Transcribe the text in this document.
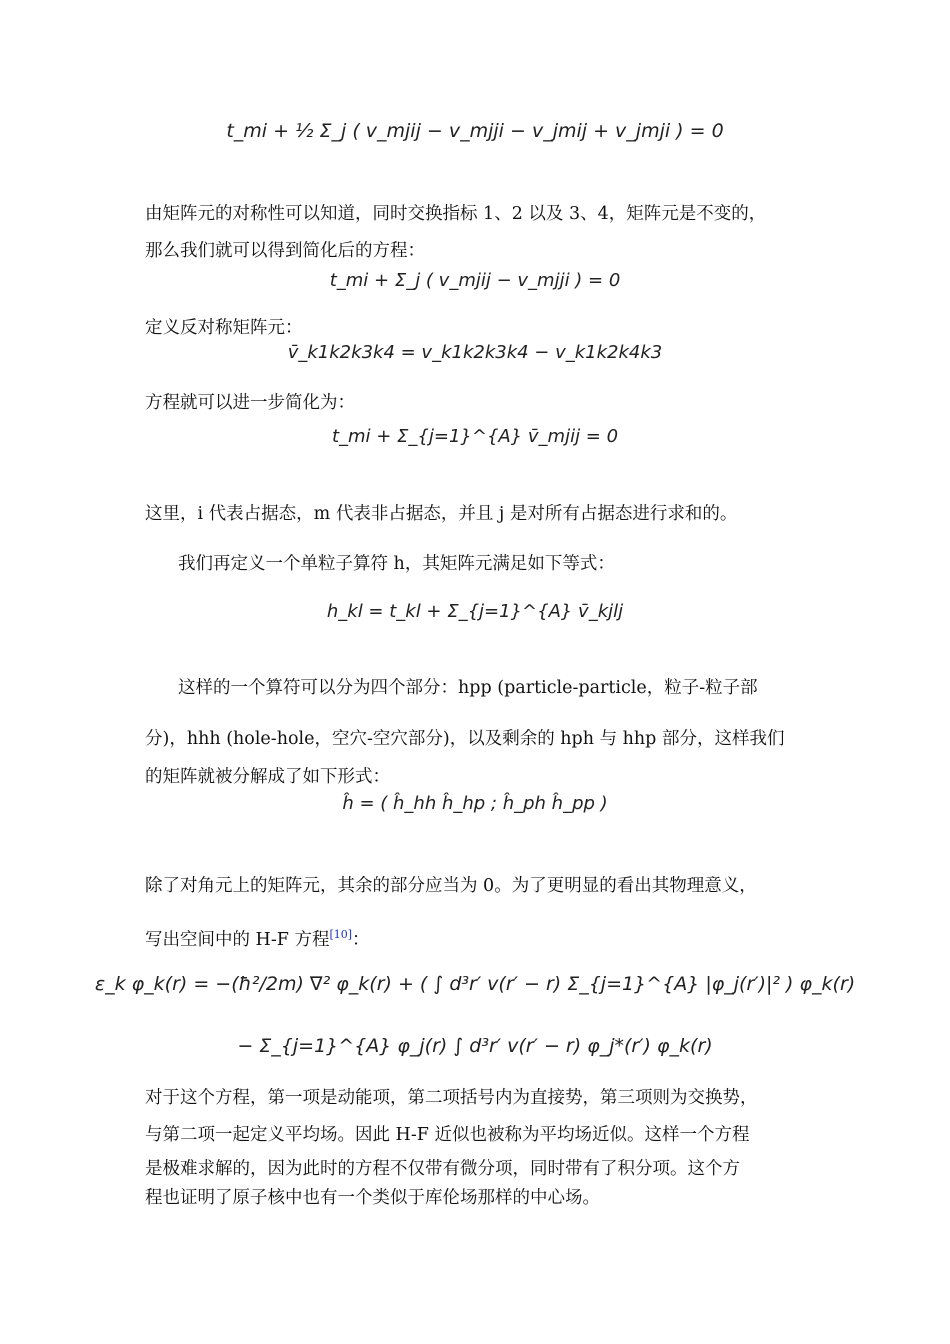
t_mi + ½ Σ_j ( v_mjij − v_mjji − v_jmij + v_jmji ) = 0
由矩阵元的对称性可以知道，同时交换指标 1、2 以及 3、4，矩阵元是不变的，
那么我们就可以得到简化后的方程：
t_mi + Σ_j ( v_mjij − v_mjji ) = 0
定义反对称矩阵元：
v̄_k1k2k3k4 = v_k1k2k3k4 − v_k1k2k4k3
方程就可以进一步简化为：
t_mi + Σ_{j=1}^{A} v̄_mjij = 0
这里，i 代表占据态，m 代表非占据态，并且 j 是对所有占据态进行求和的。
我们再定义一个单粒子算符 h，其矩阵元满足如下等式：
h_kl = t_kl + Σ_{j=1}^{A} v̄_kjlj
这样的一个算符可以分为四个部分：hpp (particle-particle，粒子-粒子部
分)，hhh (hole-hole，空穴-空穴部分)，以及剩余的 hph 与 hhp 部分，这样我们
的矩阵就被分解成了如下形式：
ĥ = ( ĥ_hh ĥ_hp ; ĥ_ph ĥ_pp )
除了对角元上的矩阵元，其余的部分应当为 0。为了更明显的看出其物理意义，
写出空间中的 H-F 方程[10]：
ε_k φ_k(r) = −(ħ²/2m) ∇² φ_k(r) + ( ∫ d³r′ v(r′ − r) Σ_{j=1}^{A} |φ_j(r′)|² ) φ_k(r)
− Σ_{j=1}^{A} φ_j(r) ∫ d³r′ v(r′ − r) φ_j*(r′) φ_k(r)
对于这个方程，第一项是动能项，第二项括号内为直接势，第三项则为交换势，
与第二项一起定义平均场。因此 H-F 近似也被称为平均场近似。这样一个方程
是极难求解的，因为此时的方程不仅带有微分项，同时带有了积分项。这个方
程也证明了原子核中也有一个类似于库伦场那样的中心场。
